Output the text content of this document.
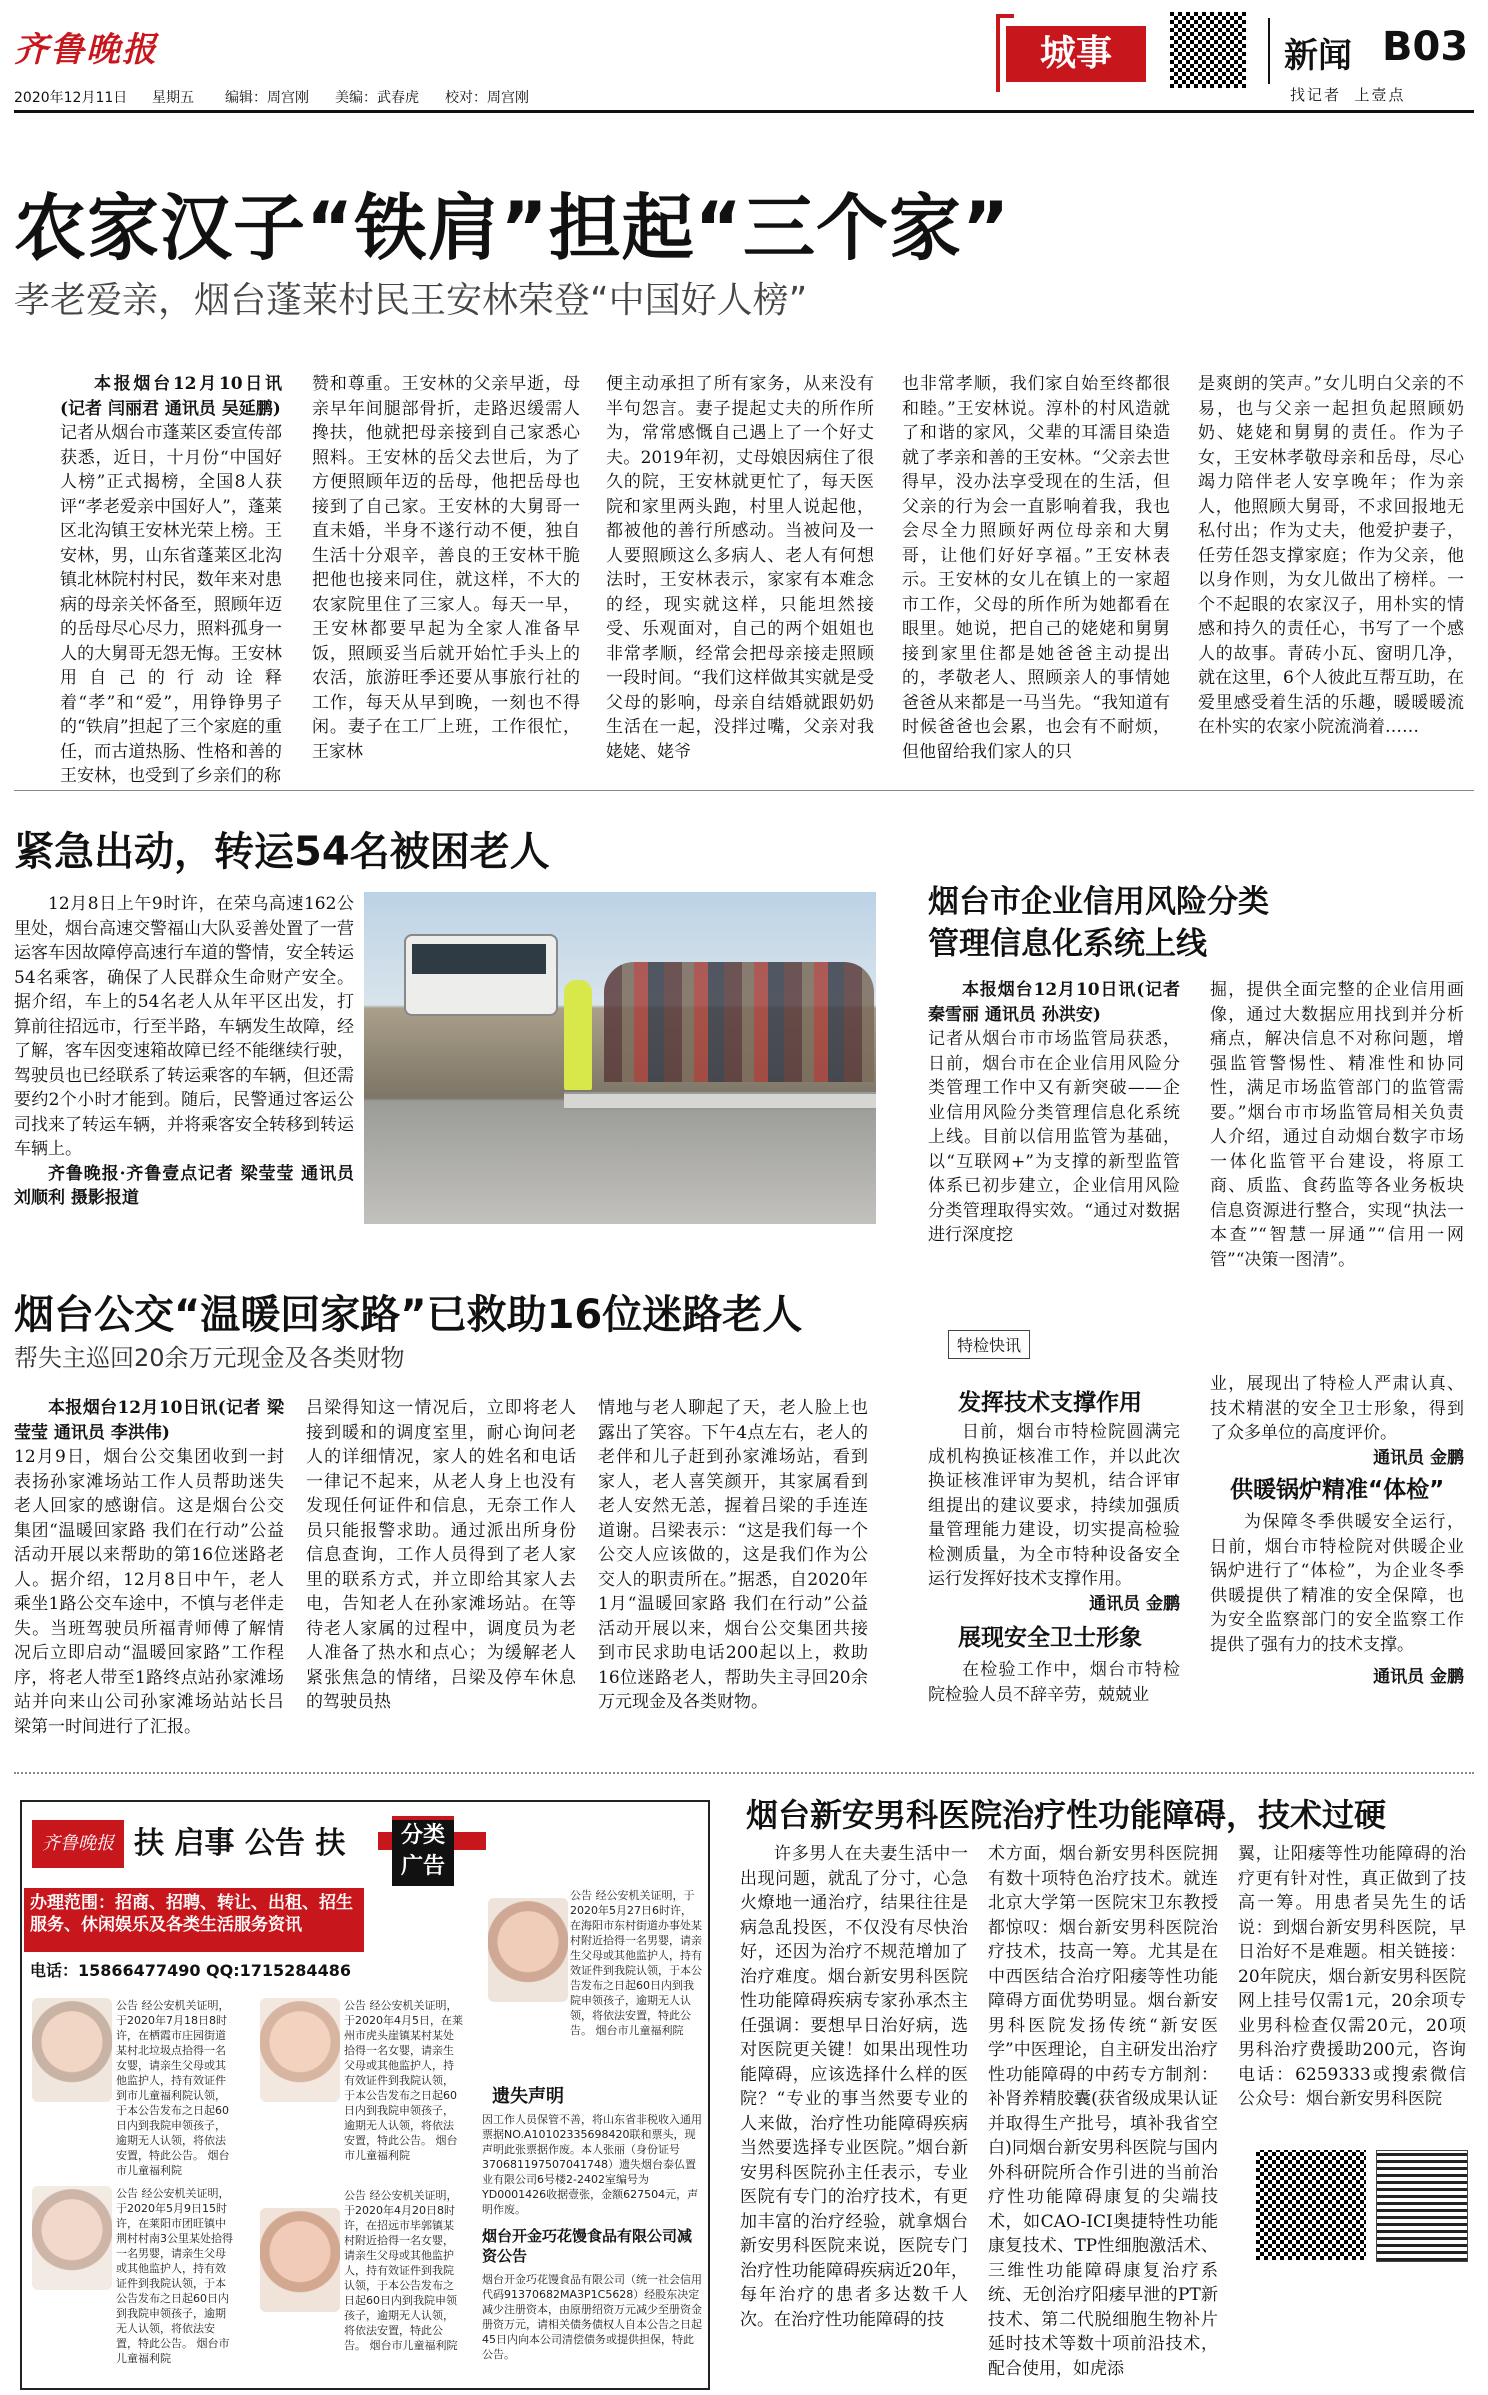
齐鲁晚报
2020年12月11日 星期五 编辑：周宫刚 美编：武春虎 校对：周宫刚
城事	新闻 B03
找记者  上壹点
农家汉子“铁肩”担起“三个家”
孝老爱亲，烟台蓬莱村民王安林荣登“中国好人榜”

本报烟台12月10日讯(记者 闫丽君 通讯员 吴延鹏)

记者从烟台市蓬莱区委宣传部获悉，近日，十月份“中国好人榜”正式揭榜，全国8人获评“孝老爱亲中国好人”，蓬莱区北沟镇王安林光荣上榜。王安林，男，山东省蓬莱区北沟镇北林院村村民，数年来对患病的母亲关怀备至，照顾年迈的岳母尽心尽力，照料孤身一人的大舅哥无怨无悔。王安林用自己的行动诠释着“孝”和“爱”，用铮铮男子的“铁肩”担起了三个家庭的重任，而古道热肠、性格和善的王安林，也受到了乡亲们的称

赞和尊重。王安林的父亲早逝，母亲早年间腿部骨折，走路迟缓需人搀扶，他就把母亲接到自己家悉心照料。王安林的岳父去世后，为了方便照顾年迈的岳母，他把岳母也接到了自己家。王安林的大舅哥一直未婚，半身不遂行动不便，独自生活十分艰辛，善良的王安林干脆把他也接来同住，就这样，不大的农家院里住了三家人。每天一早，王安林都要早起为全家人准备早饭，照顾妥当后就开始忙手头上的农活，旅游旺季还要从事旅行社的工作，每天从早到晚，一刻也不得闲。妻子在工厂上班，工作很忙，王家林

便主动承担了所有家务，从来没有半句怨言。妻子提起丈夫的所作所为，常常感慨自己遇上了一个好丈夫。2019年初，丈母娘因病住了很久的院，王安林就更忙了，每天医院和家里两头跑，村里人说起他，都被他的善行所感动。当被问及一人要照顾这么多病人、老人有何想法时，王安林表示，家家有本难念的经，现实就这样，只能坦然接受、乐观面对，自己的两个姐姐也非常孝顺，经常会把母亲接走照顾一段时间。“我们这样做其实就是受父母的影响，母亲自结婚就跟奶奶生活在一起，没拌过嘴，父亲对我姥姥、姥爷

也非常孝顺，我们家自始至终都很和睦。”王安林说。淳朴的村风造就了和谐的家风，父辈的耳濡目染造就了孝亲和善的王安林。“父亲去世得早，没办法享受现在的生活，但父亲的行为会一直影响着我，我也会尽全力照顾好两位母亲和大舅哥，让他们好好享福。”王安林表示。王安林的女儿在镇上的一家超市工作，父母的所作所为她都看在眼里。她说，把自己的姥姥和舅舅接到家里住都是她爸爸主动提出的，孝敬老人、照顾亲人的事情她爸爸从来都是一马当先。“我知道有时候爸爸也会累，也会有不耐烦，但他留给我们家人的只

是爽朗的笑声。”女儿明白父亲的不易，也与父亲一起担负起照顾奶奶、姥姥和舅舅的责任。作为子女，王安林孝敬母亲和岳母，尽心竭力陪伴老人安享晚年；作为亲人，他照顾大舅哥，不求回报地无私付出；作为丈夫，他爱护妻子，任劳任怨支撑家庭；作为父亲，他以身作则，为女儿做出了榜样。一个不起眼的农家汉子，用朴实的情感和持久的责任心，书写了一个感人的故事。青砖小瓦、窗明几净，就在这里，6个人彼此互帮互助，在爱里感受着生活的乐趣，暖暖暖流在朴实的农家小院流淌着……

紧急出动，转运54名被困老人

12月8日上午9时许，在荣乌高速162公里处，烟台高速交警福山大队妥善处置了一营运客车因故障停高速行车道的警情，安全转运54名乘客，确保了人民群众生命财产安全。据介绍，车上的54名老人从年平区出发，打算前往招远市，行至半路，车辆发生故障，经了解，客车因变速箱故障已经不能继续行驶，驾驶员也已经联系了转运乘客的车辆，但还需要约2个小时才能到。随后，民警通过客运公司找来了转运车辆，并将乘客安全转移到转运车辆上。

齐鲁晚报·齐鲁壹点记者 梁莹莹 通讯员 刘顺利 摄影报道

烟台市企业信用风险分类
管理信息化系统上线

本报烟台12月10日讯(记者 秦雪丽 通讯员 孙洪安)

记者从烟台市市场监管局获悉，日前，烟台市在企业信用风险分类管理工作中又有新突破——企业信用风险分类管理信息化系统上线。目前以信用监管为基础，以“互联网+”为支撑的新型监管体系已初步建立，企业信用风险分类管理取得实效。“通过对数据进行深度挖

掘，提供全面完整的企业信用画像，通过大数据应用找到并分析痛点，解决信息不对称问题，增强监管警惕性、精准性和协同性，满足市场监管部门的监管需要。”烟台市市场监管局相关负责人介绍，通过自动烟台数字市场一体化监管平台建设，将原工商、质监、食药监等各业务板块信息资源进行整合，实现“执法一本查”“智慧一屏通”“信用一网管”“决策一图清”。

烟台公交“温暖回家路”已救助16位迷路老人
帮失主巡回20余万元现金及各类财物

本报烟台12月10日讯(记者 梁莹莹 通讯员 李洪伟)

12月9日，烟台公交集团收到一封表扬孙家滩场站工作人员帮助迷失老人回家的感谢信。这是烟台公交集团“温暖回家路 我们在行动”公益活动开展以来帮助的第16位迷路老人。据介绍，12月8日中午，老人乘坐1路公交车途中，不慎与老伴走失。当班驾驶员所福青师傅了解情况后立即启动“温暖回家路”工作程序，将老人带至1路终点站孙家滩场站并向来山公司孙家滩场站站长吕梁第一时间进行了汇报。

吕梁得知这一情况后，立即将老人接到暖和的调度室里，耐心询问老人的详细情况，家人的姓名和电话一律记不起来，从老人身上也没有发现任何证件和信息，无奈工作人员只能报警求助。通过派出所身份信息查询，工作人员得到了老人家里的联系方式，并立即给其家人去电，告知老人在孙家滩场站。在等待老人家属的过程中，调度员为老人准备了热水和点心；为缓解老人紧张焦急的情绪，吕梁及停车休息的驾驶员热

情地与老人聊起了天，老人脸上也露出了笑容。下午4点左右，老人的老伴和儿子赶到孙家滩场站，看到家人，老人喜笑颜开，其家属看到老人安然无恙，握着吕梁的手连连道谢。吕梁表示：“这是我们每一个公交人应该做的，这是我们作为公交人的职责所在。”据悉，自2020年1月“温暖回家路 我们在行动”公益活动开展以来，烟台公交集团共接到市民求助电话200起以上，救助16位迷路老人，帮助失主寻回20余万元现金及各类财物。

特检快讯
发挥技术支撑作用

日前，烟台市特检院圆满完成机构换证核准工作，并以此次换证核准评审为契机，结合评审组提出的建议要求，持续加强质量管理能力建设，切实提高检验检测质量，为全市特种设备安全运行发挥好技术支撑作用。

通讯员 金鹏
展现安全卫士形象

在检验工作中，烟台市特检院检验人员不辞辛劳，兢兢业

业，展现出了特检人严肃认真、技术精湛的安全卫士形象，得到了众多单位的高度评价。

通讯员 金鹏
供暖锅炉精准“体检”

为保障冬季供暖安全运行，日前，烟台市特检院对供暖企业锅炉进行了“体检”，为企业冬季供暖提供了精准的安全保障，也为安全监察部门的安全监察工作提供了强有力的技术支撑。

通讯员 金鹏
齐鲁晚报 扶 启事 公告 扶	分类广告
办理范围：招商、招聘、转让、出租、招生服务、休闲娱乐及各类生活服务资讯
电话：15866477490 QQ:1715284486
公告 经公安机关证明，于2020年7月18日8时许，在栖霞市庄园街道某村北垃圾点拾得一名女婴，请亲生父母或其他监护人，持有效证件到市儿童福利院认领，于本公告发布之日起60日内到我院申领孩子，逾期无人认领，将依法安置，特此公告。 烟台市儿童福利院
公告 经公安机关证明，于2020年4月5日，在莱州市虎头崖镇某村某处拾得一名女婴，请亲生父母或其他监护人，持有效证件到我院认领，于本公告发布之日起60日内到我院申领孩子，逾期无人认领，将依法安置，特此公告。 烟台市儿童福利院
公告 经公安机关证明，于2020年5月27日6时许，在海阳市东村街道办事处某村附近拾得一名男婴，请亲生父母或其他监护人，持有效证件到我院认领，于本公告发布之日起60日内到我院申领孩子，逾期无人认领，将依法安置，特此公告。 烟台市儿童福利院
公告 经公安机关证明，于2020年5月9日15时许，在莱阳市团旺镇中荆村村南3公里某处拾得一名男婴，请亲生父母或其他监护人，持有效证件到我院认领，于本公告发布之日起60日内到我院申领孩子，逾期无人认领，将依法安置，特此公告。 烟台市儿童福利院
公告 经公安机关证明，于2020年4月20日8时许，在招远市毕郭镇某村附近拾得一名女婴，请亲生父母或其他监护人，持有效证件到我院认领，于本公告发布之日起60日内到我院申领孩子，逾期无人认领，将依法安置，特此公告。 烟台市儿童福利院
遗失声明
因工作人员保管不善，将山东省非税收入通用票据NO.A10102335698420联和票头，现声明此张票据作废。本人张丽（身份证号370681197507041748）遗失烟台泰仏置业有限公司6号楼2-2402室编号为YD0001426收据壹张，金额627504元，声明作废。
烟台开金巧花馒食品有限公司减资公告
烟台开金巧花馒食品有限公司（统一社会信用代码91370682MA3P1C5628）经股东决定减少注册资本，由原册绍资万元减少至册资金册资万元，请相关债务债权人自本公告之日起45日内向本公司清偿债务或提供担保，特此公告。
烟台新安男科医院治疗性功能障碍，技术过硬

许多男人在夫妻生活中一出现问题，就乱了分寸，心急火燎地一通治疗，结果往往是病急乱投医，不仅没有尽快治好，还因为治疗不规范增加了治疗难度。烟台新安男科医院性功能障碍疾病专家孙承杰主任强调：要想早日治好病，选对医院更关键！如果出现性功能障碍，应该选择什么样的医院？“专业的事当然要专业的人来做，治疗性功能障碍疾病当然要选择专业医院。”烟台新安男科医院孙主任表示，专业医院有专门的治疗技术，有更加丰富的治疗经验，就拿烟台新安男科医院来说，医院专门治疗性功能障碍疾病近20年，每年治疗的患者多达数千人次。在治疗性功能障碍的技

术方面，烟台新安男科医院拥有数十项特色治疗技术。就连北京大学第一医院宋卫东教授都惊叹：烟台新安男科医院治疗技术，技高一筹。尤其是在中西医结合治疗阳痿等性功能障碍方面优势明显。烟台新安男科医院发扬传统“新安医学”中医理论，自主研发出治疗性功能障碍的中药专方制剂：补肾养精胶囊(获省级成果认证并取得生产批号，填补我省空白)同烟台新安男科医院与国内外科研院所合作引进的当前治疗性功能障碍康复的尖端技术，如CAO-ICI奥捷特性功能康复技术、TP性细胞激活术、三维性功能障碍康复治疗系统、无创治疗阳痿早泄的PT新技术、第二代脱细胞生物补片延时技术等数十项前沿技术，配合使用，如虎添

翼，让阳痿等性功能障碍的治疗更有针对性，真正做到了技高一筹。用患者吴先生的话说：到烟台新安男科医院，早日治好不是难题。相关链接：20年院庆，烟台新安男科医院网上挂号仅需1元，20余项专业男科检查仅需20元，20项男科治疗费援助200元，咨询电话：6259333或搜索微信公众号：烟台新安男科医院
